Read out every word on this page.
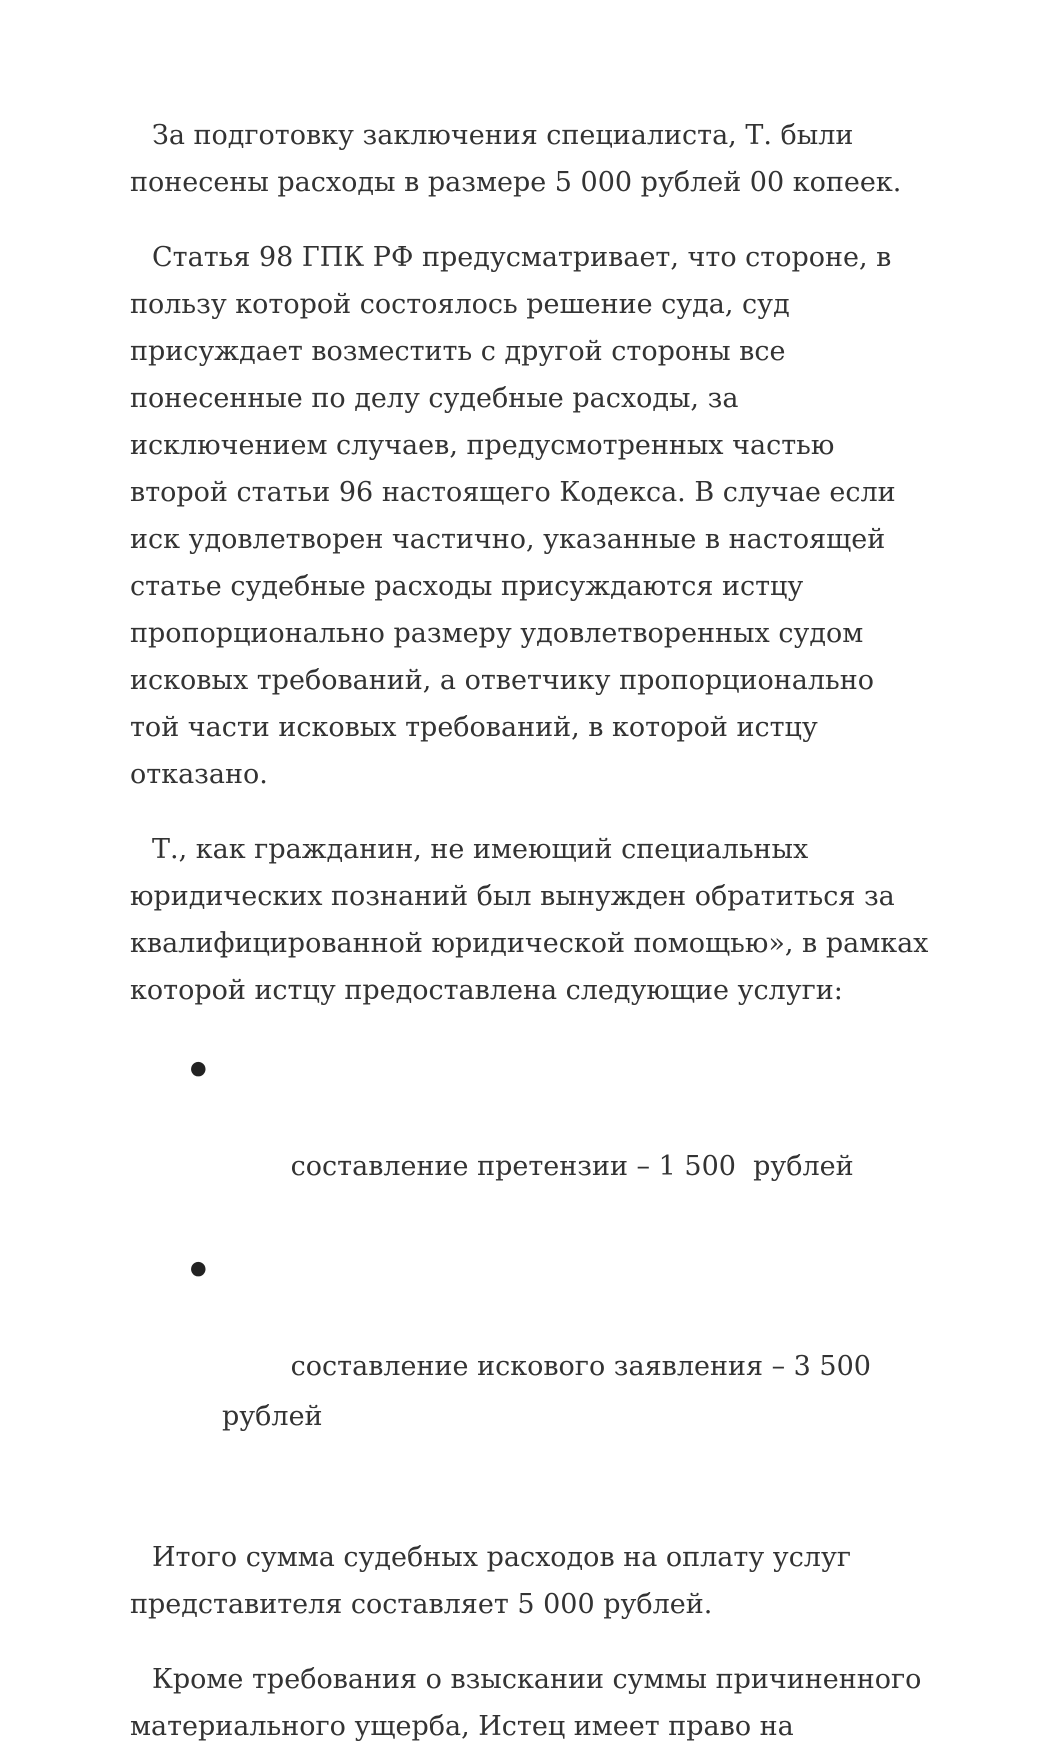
За подготовку заключения специалиста, Т. были понесены расходы в размере 5 000 рублей 00 копеек.

Статья 98 ГПК РФ предусматривает, что стороне, в пользу которой состоялось решение суда, суд присуждает возместить с другой стороны все понесенные по делу судебные расходы, за исключением случаев, предусмотренных частью второй статьи 96 настоящего Кодекса. В случае если иск удовлетворен частично, указанные в настоящей статье судебные расходы присуждаются истцу пропорционально размеру удовлетворенных судом исковых требований, а ответчику пропорционально той части исковых требований, в которой истцу отказано.

Т., как гражданин, не имеющий специальных юридических познаний был вынужден обратиться за квалифицированной юридической помощью», в рамках которой истцу предоставлена следующие услуги:

●

составление претензии – 1 500  рублей

●

составление искового заявления – 3 500  рублей

Итого сумма судебных расходов на оплату услуг представителя составляет 5 000 рублей.

Кроме требования о взыскании суммы причиненного материального ущерба, Истец имеет право на
